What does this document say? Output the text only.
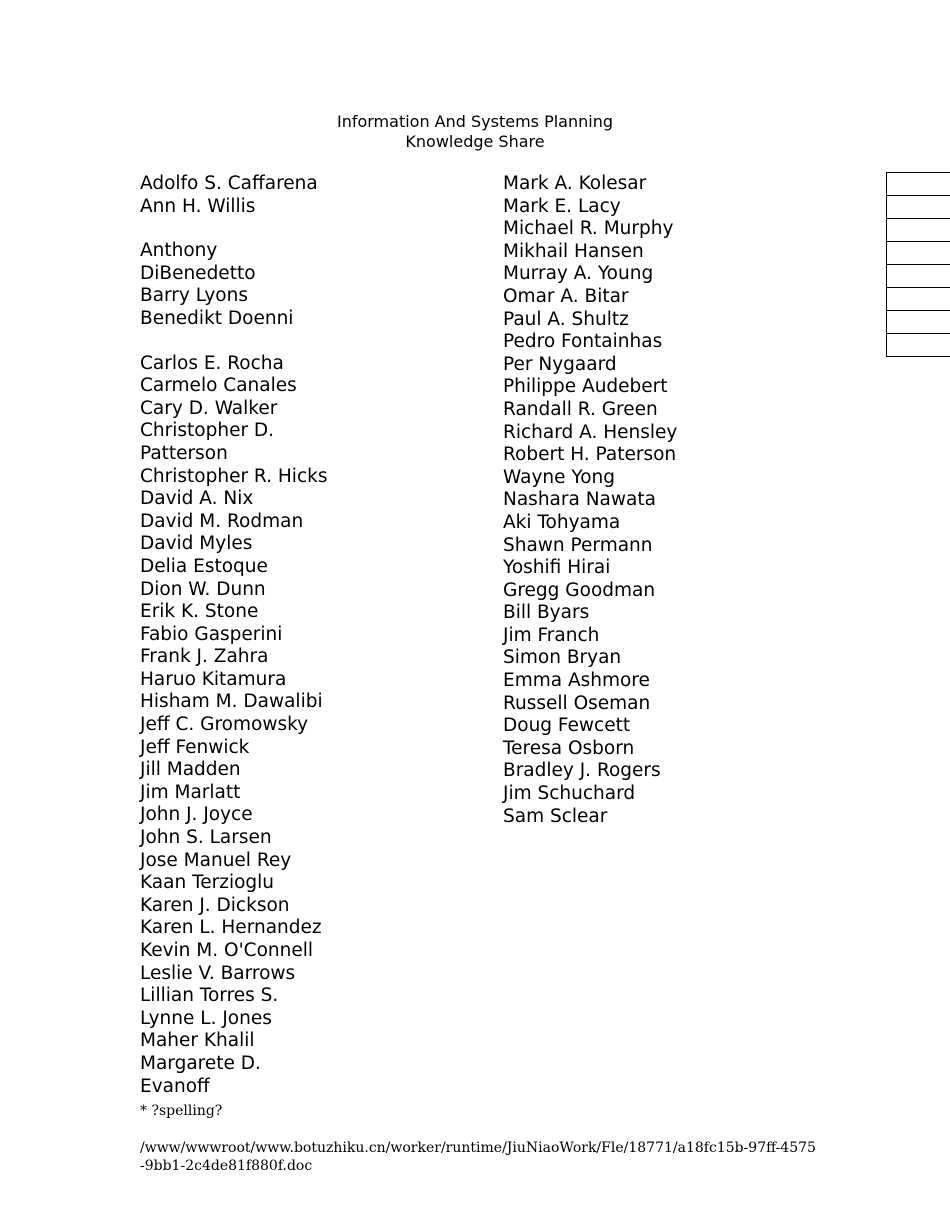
Information And Systems Planning
Knowledge Share
Adolfo S. Caffarena
Ann H. Willis
Anthony
DiBenedetto
Barry Lyons
Benedikt Doenni
Carlos E. Rocha
Carmelo Canales
Cary D. Walker
Christopher D.
Patterson
Christopher R. Hicks
David A. Nix
David M. Rodman
David Myles
Delia Estoque
Dion W. Dunn
Erik K. Stone
Fabio Gasperini
Frank J. Zahra
Haruo Kitamura
Hisham M. Dawalibi
Jeff C. Gromowsky
Jeff Fenwick
Jill Madden
Jim Marlatt
John J. Joyce
John S. Larsen
Jose Manuel Rey
Kaan Terzioglu
Karen J. Dickson
Karen L. Hernandez
Kevin M. O'Connell
Leslie V. Barrows
Lillian Torres S.
Lynne L. Jones
Maher Khalil
Margarete D.
Evanoff
Mark A. Kolesar
Mark E. Lacy
Michael R. Murphy
Mikhail Hansen
Murray A. Young
Omar A. Bitar
Paul A. Shultz
Pedro Fontainhas
Per Nygaard
Philippe Audebert
Randall R. Green
Richard A. Hensley
Robert H. Paterson
Wayne Yong
Nashara Nawata
Aki Tohyama
Shawn Permann
Yoshifi Hirai
Gregg Goodman
Bill Byars
Jim Franch
Simon Bryan
Emma Ashmore
Russell Oseman
Doug Fewcett
Teresa Osborn
Bradley J. Rogers
Jim Schuchard
Sam Sclear
* ?spelling?
/www/wwwroot/www.botuzhiku.cn/worker/runtime/JiuNiaoWork/Fle/18771/a18fc15b-97ff-4575-9bb1-2c4de81f880f.doc
